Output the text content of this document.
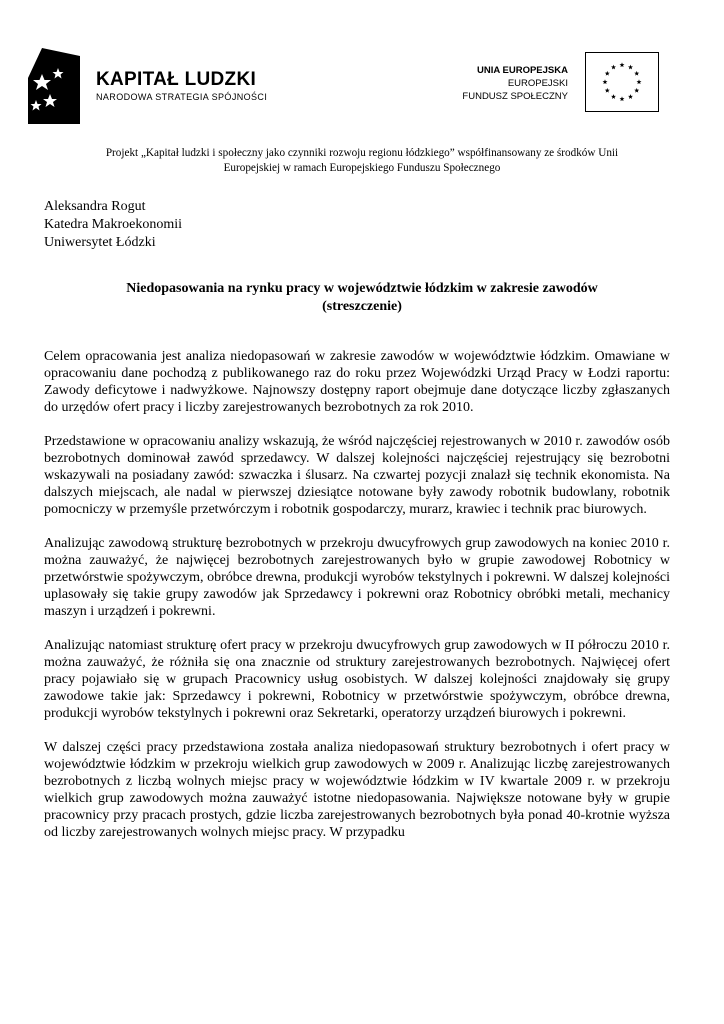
KAPITAŁ LUDZKI
NARODOWA STRATEGIA SPÓJNOŚCI
UNIA EUROPEJSKA
EUROPEJSKI
FUNDUSZ SPOŁECZNY
Projekt „Kapitał ludzki i społeczny jako czynniki rozwoju regionu łódzkiego” współfinansowany ze środków Unii
Europejskiej w ramach Europejskiego Funduszu Społecznego
Aleksandra Rogut
Katedra Makroekonomii
Uniwersytet Łódzki
Niedopasowania na rynku pracy w województwie łódzkim w zakresie zawodów
(streszczenie)

Celem opracowania jest analiza niedopasowań w zakresie zawodów w województwie łódzkim. Omawiane w opracowaniu dane pochodzą z publikowanego raz do roku przez Wojewódzki Urząd Pracy w Łodzi raportu: Zawody deficytowe i nadwyżkowe. Najnowszy dostępny raport obejmuje dane dotyczące liczby zgłaszanych do urzędów ofert pracy i liczby zarejestrowanych bezrobotnych za rok 2010.

Przedstawione w opracowaniu analizy wskazują, że wśród najczęściej rejestrowanych w 2010 r. zawodów osób bezrobotnych dominował zawód sprzedawcy. W dalszej kolejności najczęściej rejestrujący się bezrobotni wskazywali na posiadany zawód: szwaczka i ślusarz. Na czwartej pozycji znalazł się technik ekonomista. Na dalszych miejscach, ale nadal w pierwszej dziesiątce notowane były zawody robotnik budowlany, robotnik pomocniczy w przemyśle przetwórczym i robotnik gospodarczy, murarz, krawiec i technik prac biurowych.

Analizując zawodową strukturę bezrobotnych w przekroju dwucyfrowych grup zawodowych na koniec 2010 r. można zauważyć, że najwięcej bezrobotnych zarejestrowanych było w grupie zawodowej Robotnicy w przetwórstwie spożywczym, obróbce drewna, produkcji wyrobów tekstylnych i pokrewni. W dalszej kolejności uplasowały się takie grupy zawodów jak Sprzedawcy i pokrewni oraz Robotnicy obróbki metali, mechanicy maszyn i urządzeń i pokrewni.

Analizując natomiast strukturę ofert pracy w przekroju dwucyfrowych grup zawodowych w II półroczu 2010 r. można zauważyć, że różniła się ona znacznie od struktury zarejestrowanych bezrobotnych. Najwięcej ofert pracy pojawiało się w grupach Pracownicy usług osobistych. W dalszej kolejności znajdowały się grupy zawodowe takie jak: Sprzedawcy i pokrewni, Robotnicy w przetwórstwie spożywczym, obróbce drewna, produkcji wyrobów tekstylnych i pokrewni oraz Sekretarki, operatorzy urządzeń biurowych i pokrewni.

W dalszej części pracy przedstawiona została analiza niedopasowań struktury bezrobotnych i ofert pracy w województwie łódzkim w przekroju wielkich grup zawodowych w 2009 r. Analizując liczbę zarejestrowanych bezrobotnych z liczbą wolnych miejsc pracy w województwie łódzkim w IV kwartale 2009 r. w przekroju wielkich grup zawodowych można zauważyć istotne niedopasowania. Największe notowane były w grupie pracownicy przy pracach prostych, gdzie liczba zarejestrowanych bezrobotnych była ponad 40-krotnie wyższa od liczby zarejestrowanych wolnych miejsc pracy. W przypadku
